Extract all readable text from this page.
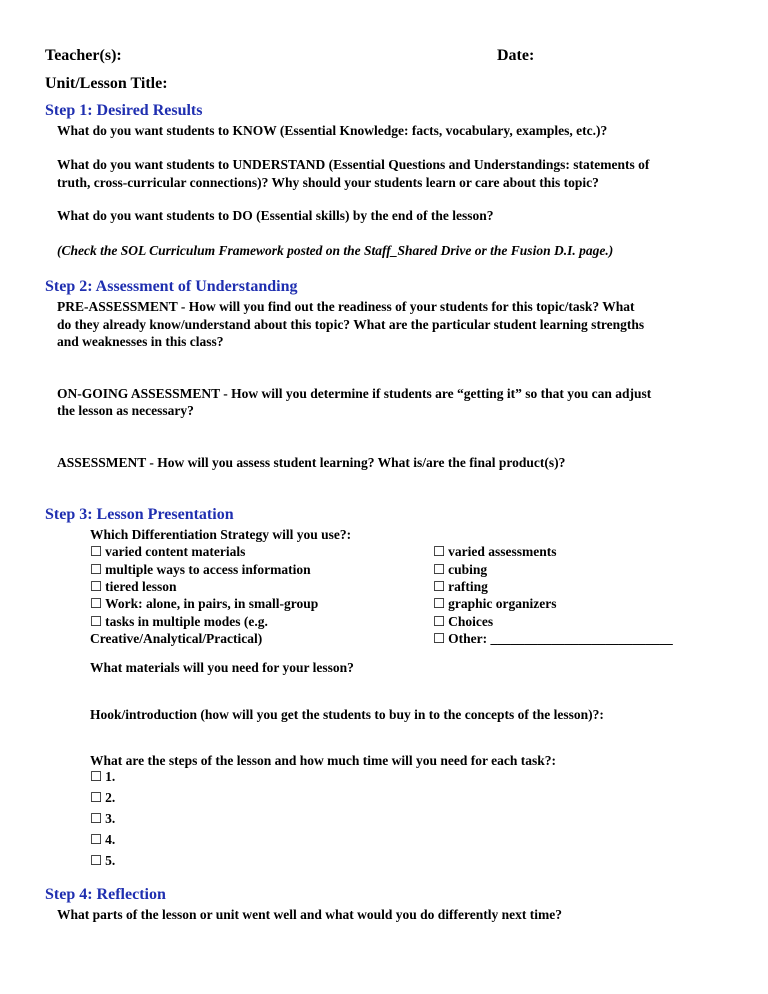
Teacher(s):	Date:
Unit/Lesson Title:
Step 1: Desired Results
What do you want students to KNOW (Essential Knowledge: facts, vocabulary, examples, etc.)?
What do you want students to UNDERSTAND (Essential Questions and Understandings: statements of
truth, cross-curricular connections)? Why should your students learn or care about this topic?
What do you want students to DO (Essential skills) by the end of the lesson?
(Check the SOL Curriculum Framework posted on the Staff_Shared Drive or the Fusion D.I. page.)
Step 2: Assessment of Understanding
PRE-ASSESSMENT - How will you find out the readiness of your students for this topic/task? What
do they already know/understand about this topic? What are the particular student learning strengths
and weaknesses in this class?
ON-GOING ASSESSMENT - How will you determine if students are “getting it” so that you can adjust
the lesson as necessary?
ASSESSMENT - How will you assess student learning? What is/are the final product(s)?
Step 3: Lesson Presentation
Which Differentiation Strategy will you use?:
☐ varied content materials
☐ multiple ways to access information
☐ tiered lesson
☐ Work: alone, in pairs, in small-group
☐ tasks in multiple modes (e.g.
Creative/Analytical/Practical)
☐ varied assessments
☐ cubing
☐ rafting
☐ graphic organizers
☐ Choices
☐ Other: ___________________________
What materials will you need for your lesson?
Hook/introduction (how will you get the students to buy in to the concepts of the lesson)?:
What are the steps of the lesson and how much time will you need for each task?:
☐ 1.
☐ 2.
☐ 3.
☐ 4.
☐ 5.
Step 4: Reflection
What parts of the lesson or unit went well and what would you do differently next time?
